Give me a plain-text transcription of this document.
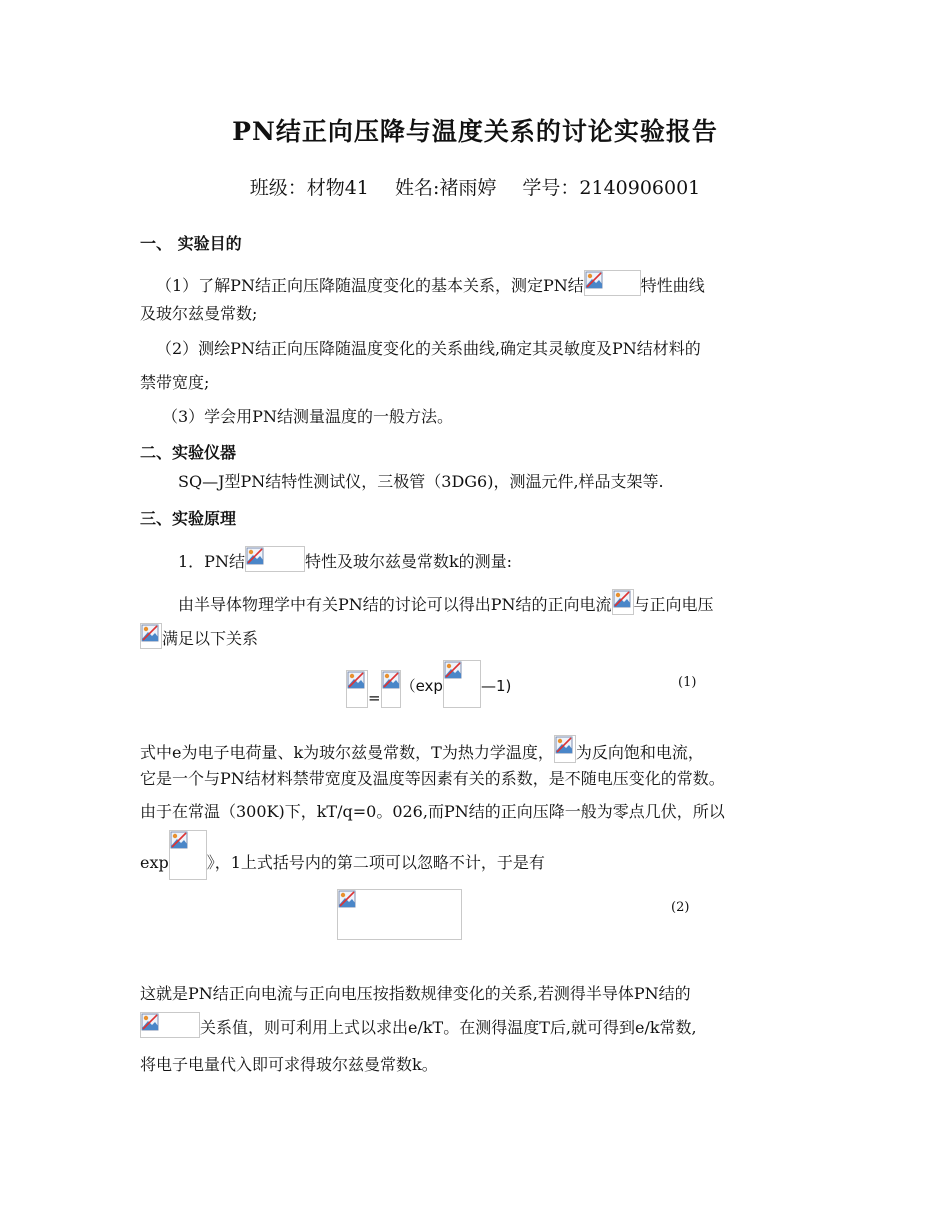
PN结正向压降与温度关系的讨论实验报告
班级：材物41 姓名:褚雨婷 学号：2140906001
一、 实验目的
（1）了解PN结正向压降随温度变化的基本关系，测定PN结	特性曲线
及玻尔兹曼常数;
（2）测绘PN结正向压降随温度变化的关系曲线,确定其灵敏度及PN结材料的
禁带宽度;
（3）学会用PN结测量温度的一般方法。
二、实验仪器
SQ—J型PN结特性测试仪，三极管（3DG6)，测温元件,样品支架等.
三、实验原理
1．PN结	特性及玻尔兹曼常数k的测量:
由半导体物理学中有关PN结的讨论可以得出PN结的正向电流 与正向电压
满足以下关系
=
（exp	—1)	(1)
式中e为电子电荷量、k为玻尔兹曼常数，T为热力学温度， 为反向饱和电流，
它是一个与PN结材料禁带宽度及温度等因素有关的系数，是不随电压变化的常数。
由于在常温（300K)下，kT/q=0。026,而PN结的正向压降一般为零点几伏，所以
exp 》，1上式括号内的第二项可以忽略不计，于是有
(2)
这就是PN结正向电流与正向电压按指数规律变化的关系,若测得半导体PN结的
关系值，则可利用上式以求出e/kT。在测得温度T后,就可得到e/k常数,
将电子电量代入即可求得玻尔兹曼常数k。
